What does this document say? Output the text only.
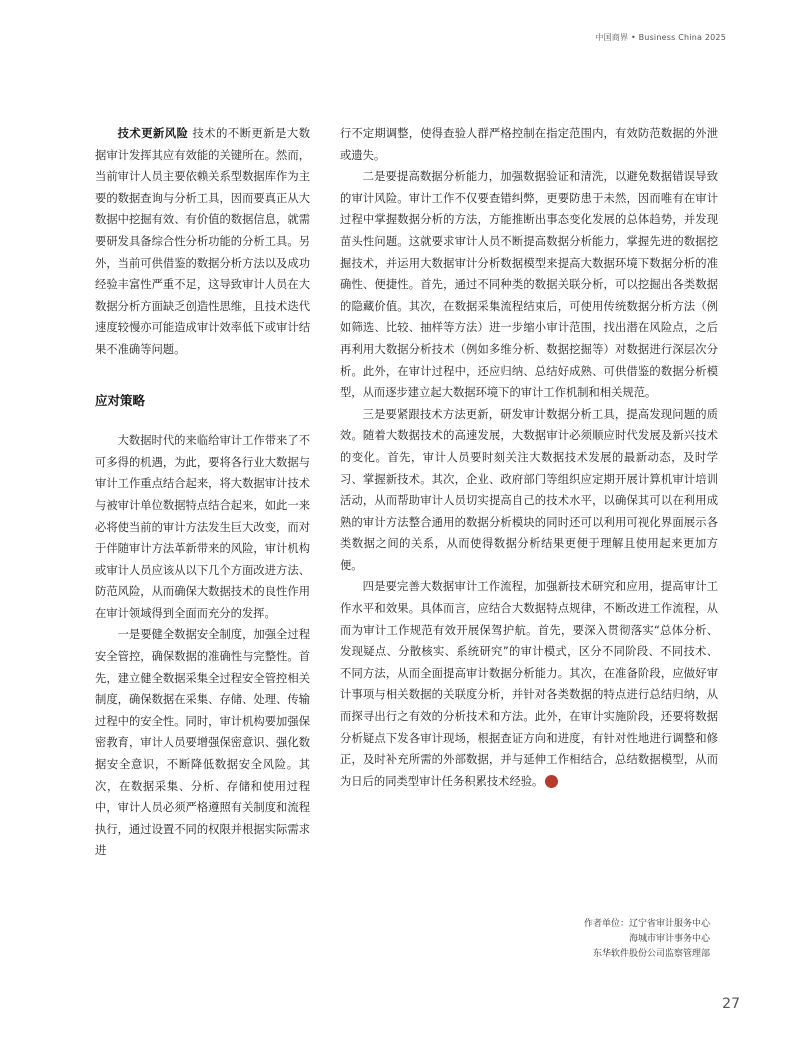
中国商界 • Business China 2025

技术更新风险 技术的不断更新是大数据审计发挥其应有效能的关键所在。然而，当前审计人员主要依赖关系型数据库作为主要的数据查询与分析工具，因而要真正从大数据中挖掘有效、有价值的数据信息，就需要研发具备综合性分析功能的分析工具。另外，当前可供借鉴的数据分析方法以及成功经验丰富性严重不足，这导致审计人员在大数据分析方面缺乏创造性思维，且技术迭代速度较慢亦可能造成审计效率低下或审计结果不准确等问题。

应对策略

大数据时代的来临给审计工作带来了不可多得的机遇，为此，要将各行业大数据与审计工作重点结合起来，将大数据审计技术与被审计单位数据特点结合起来，如此一来必将使当前的审计方法发生巨大改变，而对于伴随审计方法革新带来的风险，审计机构或审计人员应该从以下几个方面改进方法、防范风险，从而确保大数据技术的良性作用在审计领域得到全面而充分的发挥。

一是要健全数据安全制度，加强全过程安全管控，确保数据的准确性与完整性。首先，建立健全数据采集全过程安全管控相关制度，确保数据在采集、存储、处理、传输过程中的安全性。同时，审计机构要加强保密教育，审计人员要增强保密意识、强化数据安全意识，不断降低数据安全风险。其次，在数据采集、分析、存储和使用过程中，审计人员必须严格遵照有关制度和流程执行，通过设置不同的权限并根据实际需求进

行不定期调整，使得查验人群严格控制在指定范围内，有效防范数据的外泄或遗失。

二是要提高数据分析能力，加强数据验证和清洗，以避免数据错误导致的审计风险。审计工作不仅要查错纠弊，更要防患于未然，因而唯有在审计过程中掌握数据分析的方法，方能推断出事态变化发展的总体趋势，并发现苗头性问题。这就要求审计人员不断提高数据分析能力，掌握先进的数据挖掘技术，并运用大数据审计分析数据模型来提高大数据环境下数据分析的准确性、便捷性。首先，通过不同种类的数据关联分析，可以挖掘出各类数据的隐藏价值。其次，在数据采集流程结束后，可使用传统数据分析方法（例如筛选、比较、抽样等方法）进一步缩小审计范围，找出潜在风险点，之后再利用大数据分析技术（例如多维分析、数据挖掘等）对数据进行深层次分析。此外，在审计过程中，还应归纳、总结好成熟、可供借鉴的数据分析模型，从而逐步建立起大数据环境下的审计工作机制和相关规范。

三是要紧跟技术方法更新，研发审计数据分析工具，提高发现问题的质效。随着大数据技术的高速发展，大数据审计必须顺应时代发展及新兴技术的变化。首先，审计人员要时刻关注大数据技术发展的最新动态，及时学习、掌握新技术。其次，企业、政府部门等组织应定期开展计算机审计培训活动，从而帮助审计人员切实提高自己的技术水平，以确保其可以在利用成熟的审计方法整合通用的数据分析模块的同时还可以利用可视化界面展示各类数据之间的关系，从而使得数据分析结果更便于理解且使用起来更加方便。

四是要完善大数据审计工作流程，加强新技术研究和应用，提高审计工作水平和效果。具体而言，应结合大数据特点规律，不断改进工作流程，从而为审计工作规范有效开展保驾护航。首先，要深入贯彻落实“总体分析、发现疑点、分散核实、系统研究”的审计模式，区分不同阶段、不同技术、不同方法，从而全面提高审计数据分析能力。其次，在准备阶段，应做好审计事项与相关数据的关联度分析，并针对各类数据的特点进行总结归纳，从而探寻出行之有效的分析技术和方法。此外，在审计实施阶段，还要将数据分析疑点下发各审计现场，根据查证方向和进度，有针对性地进行调整和修正，及时补充所需的外部数据，并与延伸工作相结合，总结数据模型，从而为日后的同类型审计任务积累技术经验。	商

作者单位：辽宁省审计服务中心
海城市审计事务中心
东华软件股份公司监察管理部
27
